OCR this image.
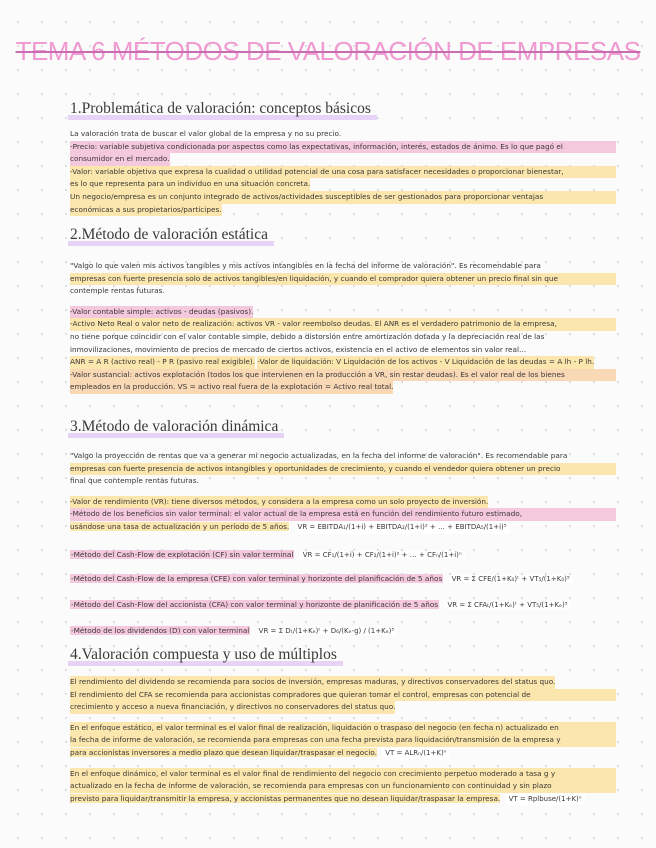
TEMA 6 MÉTODOS DE VALORACIÓN DE EMPRESAS
1.Problemática de valoración: conceptos básicos

La valoración trata de buscar el valor global de la empresa y no su precio.

-Precio: variable subjetiva condicionada por aspectos como las expectativas, información, interés, estados de ánimo. Es lo que pagó el

consumidor en el mercado.

-Valor: variable objetiva que expresa la cualidad o utilidad potencial de una cosa para satisfacer necesidades o proporcionar bienestar,

es lo que representa para un individuo en una situación concreta.

Un negocio/empresa es un conjunto integrado de activos/actividades susceptibles de ser gestionados para proporcionar ventajas

económicas a sus propietarios/partícipes.

2.Método de valoración estática

"Valgo lo que valen mis activos tangibles y mis activos intangibles en la fecha del informe de valoración". Es recomendable para

empresas con fuerte presencia solo de activos tangibles/en liquidación, y cuando el comprador quiera obtener un precio final sin que

contemple rentas futuras.

-Valor contable simple: activos - deudas (pasivos).

-Activo Neto Real o valor neto de realización: activos VR - valor reembolso deudas. El ANR es el verdadero patrimonio de la empresa,

no tiene porque coincidir con el valor contable simple, debido a distorsión entre amortización dotada y la depreciación real de las

inmovilizaciones, movimiento de precios de mercado de ciertos activos, existencia en el activo de elementos sin valor real…

ANR = A R (activo real) - P R (pasivo real exigible).

-Valor de liquidación: V Liquidación de los activos - V Liquidación de las deudas = A lh - P lh.

-Valor sustancial: activos explotación (todos los que intervienen en la producción a VR, sin restar deudas). Es el valor real de los bienes

empleados en la producción. VS = activo real fuera de la explotación = Activo real total.

3.Método de valoración dinámica

"Valgo la proyección de rentas que va a generar mi negocio actualizadas, en la fecha del informe de valoración". Es recomendable para

empresas con fuerte presencia de activos intangibles y oportunidades de crecimiento, y cuando el vendedor quiera obtener un precio

final que contemple rentas futuras.

-Valor de rendimiento (VR): tiene diversos métodos, y considera a la empresa como un solo proyecto de inversión.

-Método de los beneficios sin valor terminal: el valor actual de la empresa está en función del rendimiento futuro estimado,

usándose una tasa de actualización y un período de 5 años. VR = EBITDA₁/(1+i) + EBITDA₂/(1+i)² + … + EBITDA₅/(1+i)⁵

-Método del Cash-Flow de explotación (CF) sin valor terminal VR = CF₁/(1+i) + CF₂/(1+i)² + … + CFₙ/(1+i)ⁿ
-Método del Cash-Flow de la empresa (CFE) con valor terminal y horizonte del planificación de 5 años VR = Σ CFE/(1+K₀)ᵗ + VT₅/(1+K₀)⁵
-Método del Cash-Flow del accionista (CFA) con valor terminal y horizonte de planificación de 5 años VR = Σ CFAₜ/(1+Kₑ)ᵗ + VT₅/(1+Kₑ)⁵
-Método de los dividendos (D) con valor terminal VR = Σ Dₜ/(1+Kₑ)ᵗ + D₆/(Kₑ-g) / (1+Kₑ)⁵
4.Valoración compuesta y uso de múltiplos

El rendimiento del dividendo se recomienda para socios de inversión, empresas maduras, y directivos conservadores del status quo.

El rendimiento del CFA se recomienda para accionistas compradores que quieran tomar el control, empresas con potencial de

crecimiento y acceso a nueva financiación, y directivos no conservadores del status quo.

En el enfoque estático, el valor terminal es el valor final de realización, liquidación o traspaso del negocio (en fecha n) actualizado en

la fecha de informe de valoración, se recomienda para empresas con una fecha prevista para liquidación/transmisión de la empresa y

para accionistas inversores a medio plazo que desean liquidar/traspasar el negocio. VT = ALRₙ/(1+K)ⁿ

En el enfoque dinámico, el valor terminal es el valor final de rendimiento del negocio con crecimiento perpetuo moderado a tasa g y

actualizado en la fecha de informe de valoración, se recomienda para empresas con un funcionamiento con continuidad y sin plazo

previsto para liquidar/transmitir la empresa, y accionistas permanentes que no desean liquidar/traspasar la empresa. VT = Rplbuse/(1+K)ⁿ
